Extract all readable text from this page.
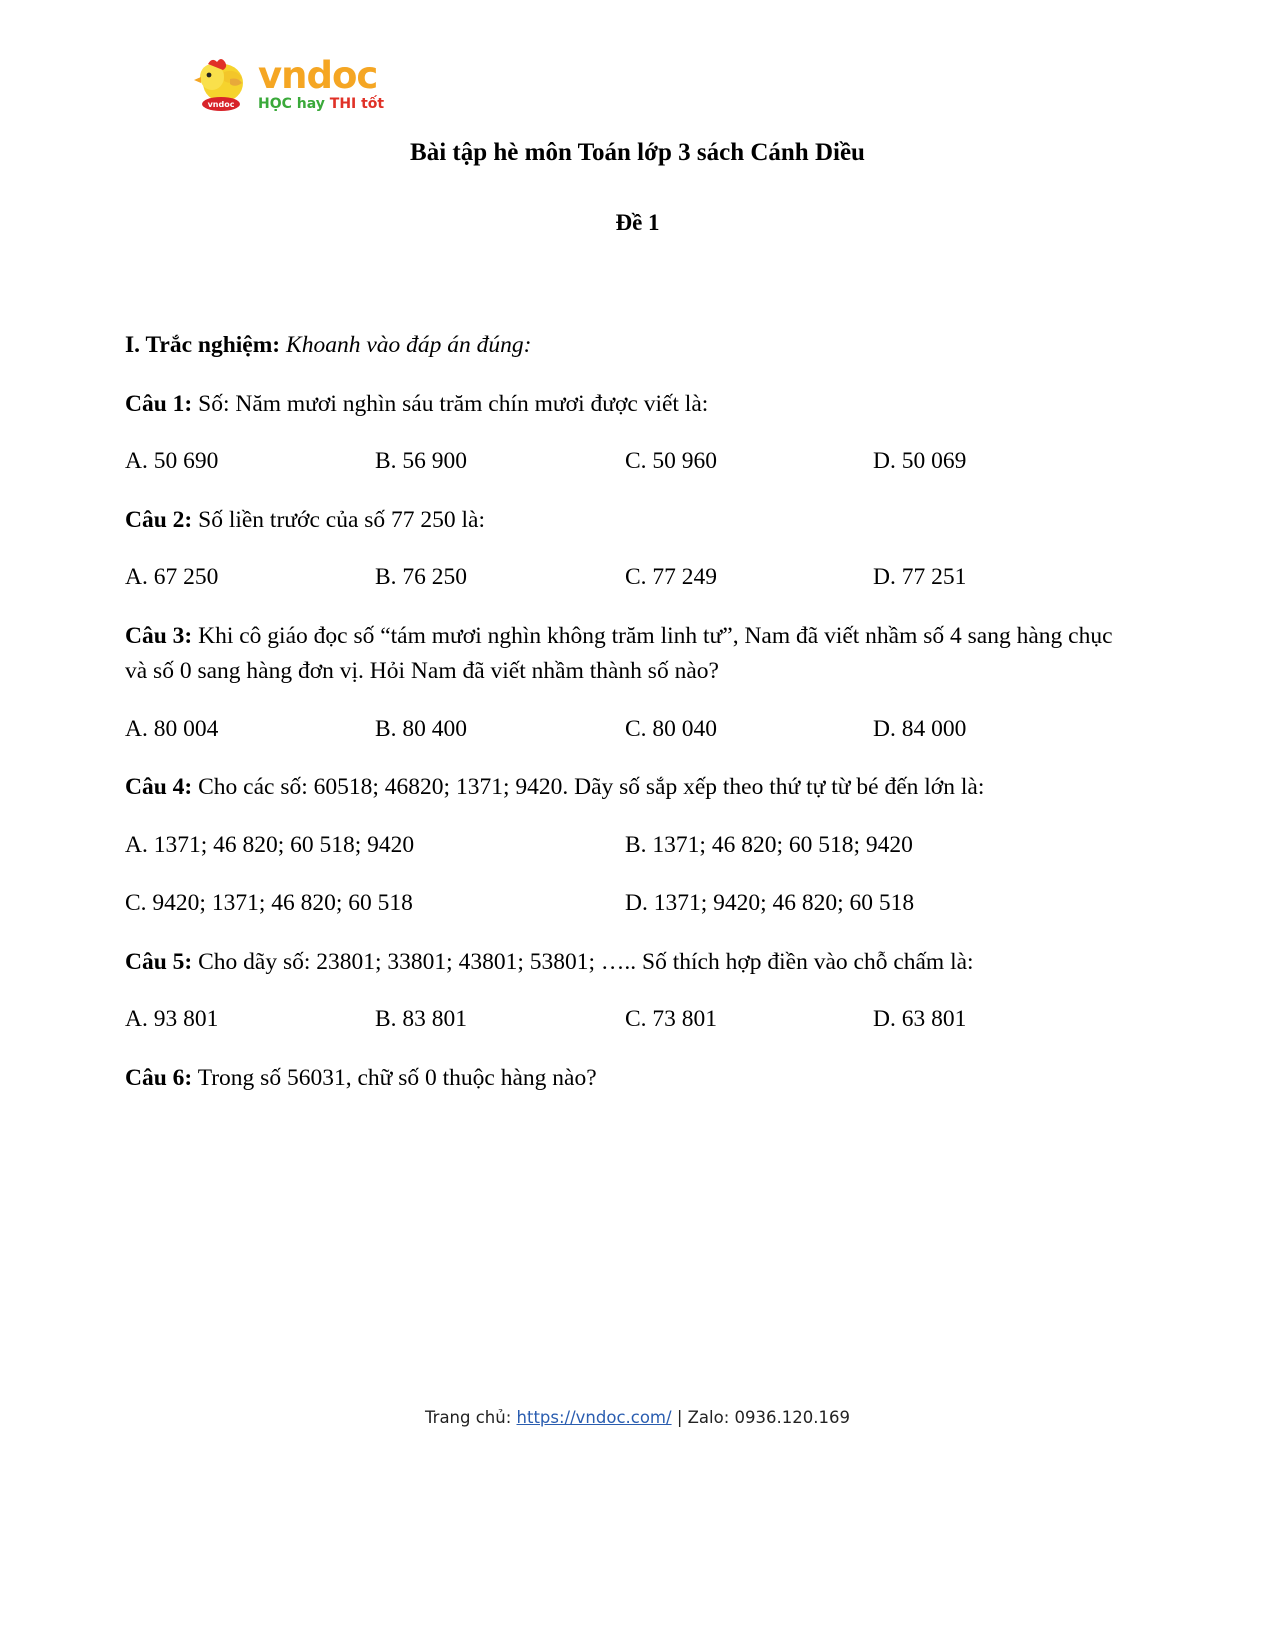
vndoc
vndoc
HỌC hay THI tốt
Bài tập hè môn Toán lớp 3 sách Cánh Diều
Đề 1

I. Trắc nghiệm: Khoanh vào đáp án đúng:

Câu 1: Số: Năm mươi nghìn sáu trăm chín mươi được viết là:

A. 50 690	B. 56 900	C. 50 960	D. 50 069

Câu 2: Số liền trước của số 77 250 là:

A. 67 250	B. 76 250	C. 77 249	D. 77 251

Câu 3: Khi cô giáo đọc số “tám mươi nghìn không trăm linh tư”, Nam đã viết nhầm số 4 sang hàng chục và số 0 sang hàng đơn vị. Hỏi Nam đã viết nhầm thành số nào?

A. 80 004	B. 80 400	C. 80 040	D. 84 000

Câu 4: Cho các số: 60518; 46820; 1371; 9420. Dãy số sắp xếp theo thứ tự từ bé đến lớn là:

A. 1371; 46 820; 60 518; 9420	B. 1371; 46 820; 60 518; 9420
C. 9420; 1371; 46 820; 60 518	D. 1371; 9420; 46 820; 60 518

Câu 5: Cho dãy số: 23801; 33801; 43801; 53801; ….. Số thích hợp điền vào chỗ chấm là:

A. 93 801	B. 83 801	C. 73 801	D. 63 801

Câu 6: Trong số 56031, chữ số 0 thuộc hàng nào?

Trang chủ: https://vndoc.com/ | Zalo: 0936.120.169
